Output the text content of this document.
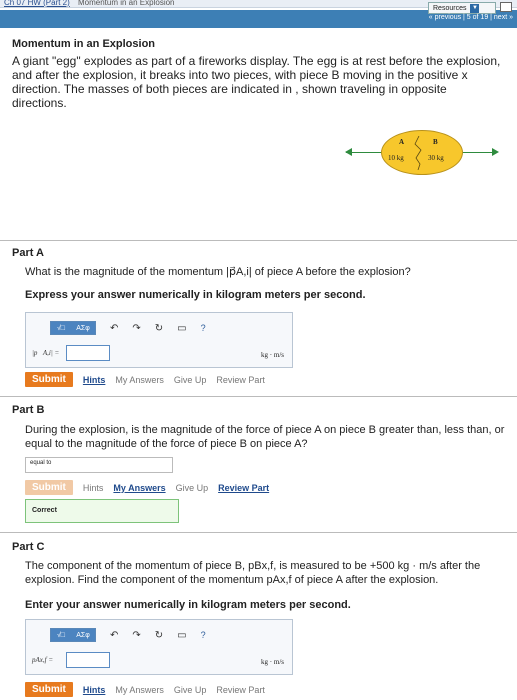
Ch 07 HW (Part 2) Momentum in an Explosion
Resources ▼
« previous | 5 of 19 | next »
Momentum in an Explosion
A giant "egg" explodes as part of a fireworks display. The egg is at rest before the explosion, and after the explosion, it breaks into two pieces, with piece B moving in the positive x direction. The masses of both pieces are indicated in , shown traveling in opposite directions.
A	B
10 kg	30 kg
Part A
What is the magnitude of the momentum |p⃗A,i| of piece A before the explosion?
Express your answer numerically in kilogram meters per second.
√□	ΑΣφ	↶ ↷ ↻ ▭ ?
|p⃗A,i| =	kg · m/s
Submit	Hints My Answers Give Up Review Part
Part B
During the explosion, is the magnitude of the force of piece A on piece B greater than, less than, or equal to the magnitude of the force of piece B on piece A?
equal to
Submit	Hints My Answers Give Up Review Part
Correct
Part C
The component of the momentum of piece B, pBx,f, is measured to be +500 kg · m/s after the explosion. Find the component of the momentum pAx,f of piece A after the explosion.
Enter your answer numerically in kilogram meters per second.
√□	ΑΣφ	↶ ↷ ↻ ▭ ?
pAx,f =	kg · m/s
Submit	Hints My Answers Give Up Review Part
